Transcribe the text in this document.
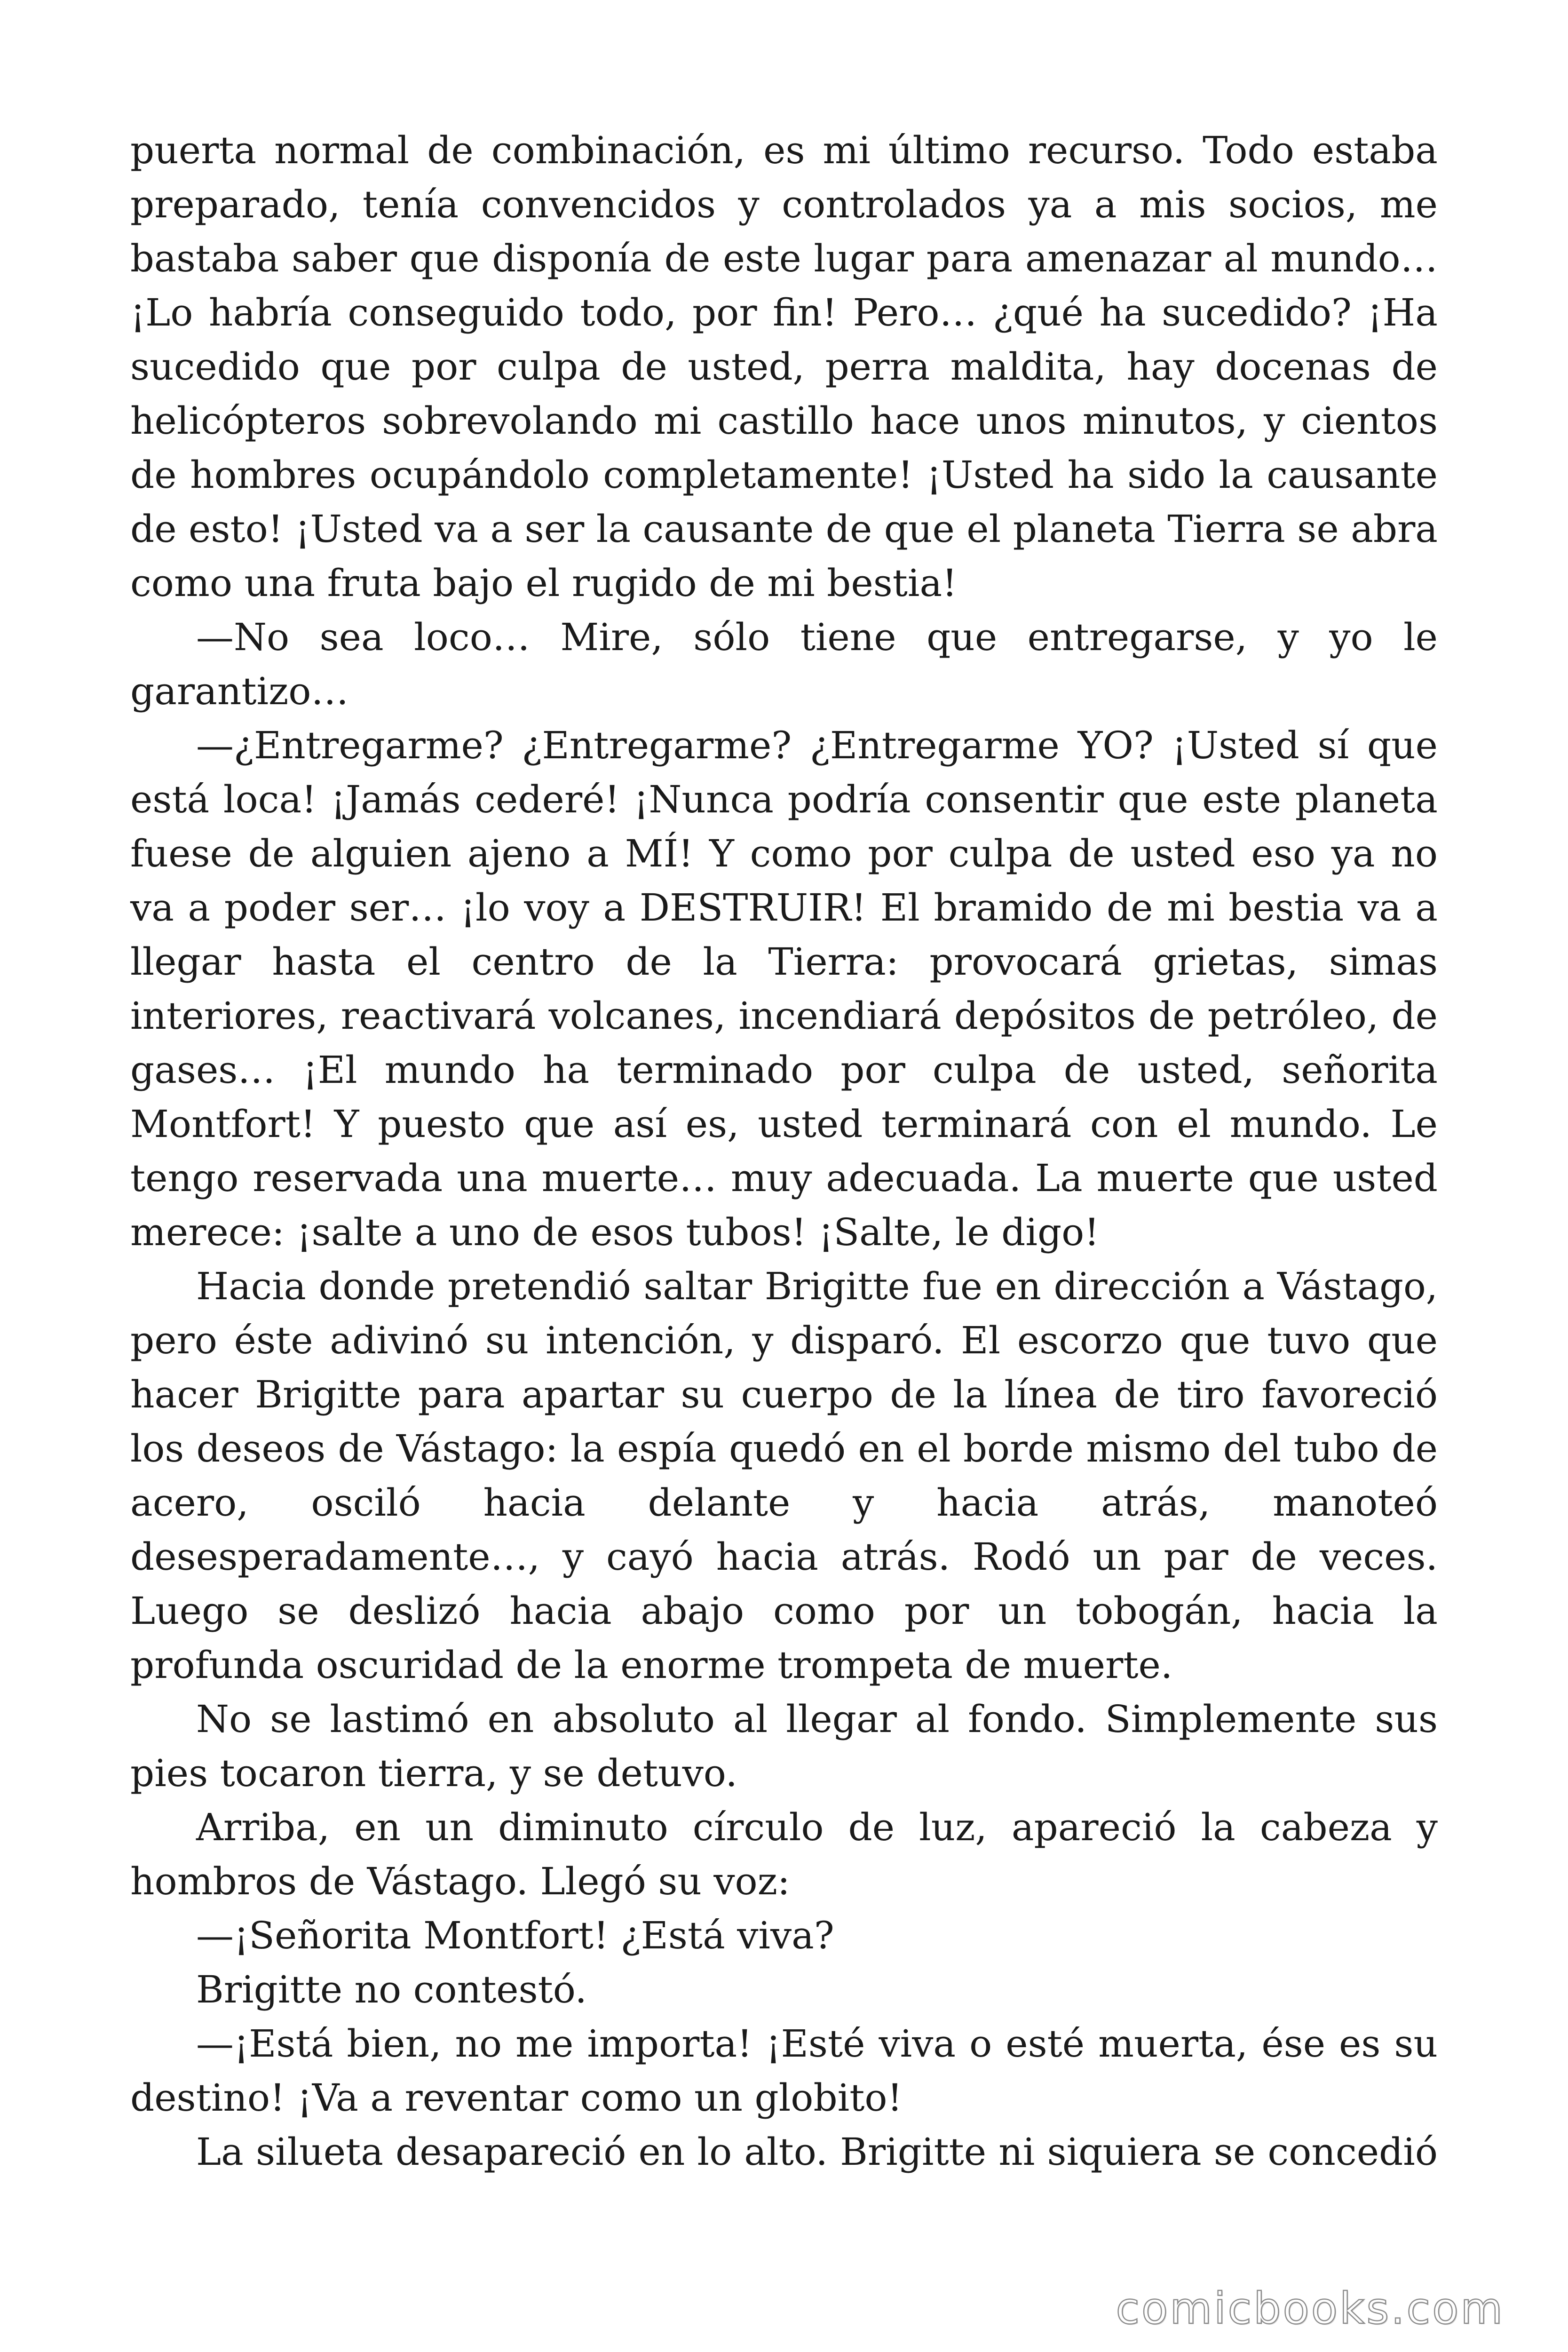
puerta normal de combinación, es mi último recurso. Todo estaba
preparado, tenía convencidos y controlados ya a mis socios, me
bastaba saber que disponía de este lugar para amenazar al mundo…
¡Lo habría conseguido todo, por fin! Pero… ¿qué ha sucedido? ¡Ha
sucedido que por culpa de usted, perra maldita, hay docenas de
helicópteros sobrevolando mi castillo hace unos minutos, y cientos
de hombres ocupándolo completamente! ¡Usted ha sido la causante
de esto! ¡Usted va a ser la causante de que el planeta Tierra se abra
como una fruta bajo el rugido de mi bestia!
—No sea loco… Mire, sólo tiene que entregarse, y yo le
garantizo…
—¿Entregarme? ¿Entregarme? ¿Entregarme YO? ¡Usted sí que
está loca! ¡Jamás cederé! ¡Nunca podría consentir que este planeta
fuese de alguien ajeno a MÍ! Y como por culpa de usted eso ya no
va a poder ser… ¡lo voy a DESTRUIR! El bramido de mi bestia va a
llegar hasta el centro de la Tierra: provocará grietas, simas
interiores, reactivará volcanes, incendiará depósitos de petróleo, de
gases… ¡El mundo ha terminado por culpa de usted, señorita
Montfort! Y puesto que así es, usted terminará con el mundo. Le
tengo reservada una muerte… muy adecuada. La muerte que usted
merece: ¡salte a uno de esos tubos! ¡Salte, le digo!
Hacia donde pretendió saltar Brigitte fue en dirección a Vástago,
pero éste adivinó su intención, y disparó. El escorzo que tuvo que
hacer Brigitte para apartar su cuerpo de la línea de tiro favoreció
los deseos de Vástago: la espía quedó en el borde mismo del tubo de
acero, osciló hacia delante y hacia atrás, manoteó
desesperadamente…, y cayó hacia atrás. Rodó un par de veces.
Luego se deslizó hacia abajo como por un tobogán, hacia la
profunda oscuridad de la enorme trompeta de muerte.
No se lastimó en absoluto al llegar al fondo. Simplemente sus
pies tocaron tierra, y se detuvo.
Arriba, en un diminuto círculo de luz, apareció la cabeza y
hombros de Vástago. Llegó su voz:
—¡Señorita Montfort! ¿Está viva?
Brigitte no contestó.
—¡Está bien, no me importa! ¡Esté viva o esté muerta, ése es su
destino! ¡Va a reventar como un globito!
La silueta desapareció en lo alto. Brigitte ni siquiera se concedió
comicbooks.com
